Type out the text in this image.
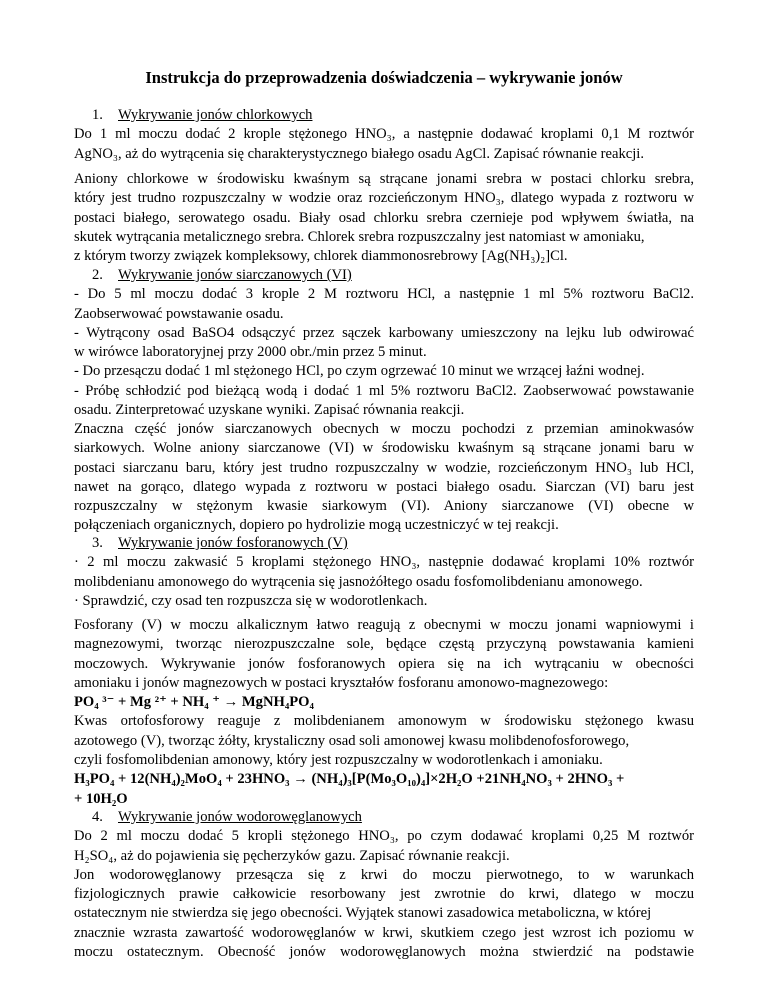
Instrukcja do przeprowadzenia doświadczenia – wykrywanie jonów
1. Wykrywanie jonów chlorkowych
Do 1 ml moczu dodać 2 krople stężonego HNO₃, a następnie dodawać kroplami 0,1 M roztwór
AgNO₃, aż do wytrącenia się charakterystycznego białego osadu AgCl. Zapisać równanie reakcji.
Aniony chlorkowe w środowisku kwaśnym są strącane jonami srebra w postaci chlorku srebra,
który jest trudno rozpuszczalny w wodzie oraz rozcieńczonym HNO₃, dlatego wypada z roztworu w
postaci białego, serowatego osadu. Biały osad chlorku srebra czernieje pod wpływem światła, na
skutek wytrącania metalicznego srebra. Chlorek srebra rozpuszczalny jest natomiast w amoniaku,
z którym tworzy związek kompleksowy, chlorek diammonosrebrowy [Ag(NH₃)₂]Cl.
2. Wykrywanie jonów siarczanowych (VI)
- Do 5 ml moczu dodać 3 krople 2 M roztworu HCl, a następnie 1 ml 5% roztworu BaCl2.
Zaobserwować powstawanie osadu.
- Wytrącony osad BaSO4 odsączyć przez sączek karbowany umieszczony na lejku lub odwirować
w wirówce laboratoryjnej przy 2000 obr./min przez 5 minut.
- Do przesączu dodać 1 ml stężonego HCl, po czym ogrzewać 10 minut we wrzącej łaźni wodnej.
- Próbę schłodzić pod bieżącą wodą i dodać 1 ml 5% roztworu BaCl2. Zaobserwować powstawanie
osadu. Zinterpretować uzyskane wyniki. Zapisać równania reakcji.
Znaczna część jonów siarczanowych obecnych w moczu pochodzi z przemian aminokwasów
siarkowych. Wolne aniony siarczanowe (VI) w środowisku kwaśnym są strącane jonami baru w
postaci siarczanu baru, który jest trudno rozpuszczalny w wodzie, rozcieńczonym HNO₃ lub HCl,
nawet na gorąco, dlatego wypada z roztworu w postaci białego osadu. Siarczan (VI) baru jest
rozpuszczalny w stężonym kwasie siarkowym (VI). Aniony siarczanowe (VI) obecne w
połączeniach organicznych, dopiero po hydrolizie mogą uczestniczyć w tej reakcji.
3. Wykrywanie jonów fosforanowych (V)
· 2 ml moczu zakwasić 5 kroplami stężonego HNO₃, następnie dodawać kroplami 10% roztwór
molibdenianu amonowego do wytrącenia się jasnożółtego osadu fosfomolibdenianu amonowego.
· Sprawdzić, czy osad ten rozpuszcza się w wodorotlenkach.
Fosforany (V) w moczu alkalicznym łatwo reagują z obecnymi w moczu jonami wapniowymi i
magnezowymi, tworząc nierozpuszczalne sole, będące częstą przyczyną powstawania kamieni
moczowych. Wykrywanie jonów fosforanowych opiera się na ich wytrącaniu w obecności
amoniaku i jonów magnezowych w postaci kryształów fosforanu amonowo-magnezowego:
PO₄ ³⁻ + Mg ²⁺ + NH₄ ⁺ → MgNH₄PO₄
Kwas ortofosforowy reaguje z molibdenianem amonowym w środowisku stężonego kwasu
azotowego (V), tworząc żółty, krystaliczny osad soli amonowej kwasu molibdenofosforowego,
czyli fosfomolibdenian amonowy, który jest rozpuszczalny w wodorotlenkach i amoniaku.
H₃PO₄ + 12(NH₄)₂MoO₄ + 23HNO₃ → (NH₄)₃[P(Mo₃O₁₀)₄]×2H₂O +21NH₄NO₃ + 2HNO₃ +
+ 10H₂O
4. Wykrywanie jonów wodorowęglanowych
Do 2 ml moczu dodać 5 kropli stężonego HNO₃, po czym dodawać kroplami 0,25 M roztwór
H₂SO₄, aż do pojawienia się pęcherzyków gazu. Zapisać równanie reakcji.
Jon wodorowęglanowy przesącza się z krwi do moczu pierwotnego, to w warunkach
fizjologicznych prawie całkowicie resorbowany jest zwrotnie do krwi, dlatego w moczu
ostatecznym nie stwierdza się jego obecności. Wyjątek stanowi zasadowica metaboliczna, w której
znacznie wzrasta zawartość wodorowęglanów w krwi, skutkiem czego jest wzrost ich poziomu w
moczu ostatecznym. Obecność jonów wodorowęglanowych można stwierdzić na podstawie
